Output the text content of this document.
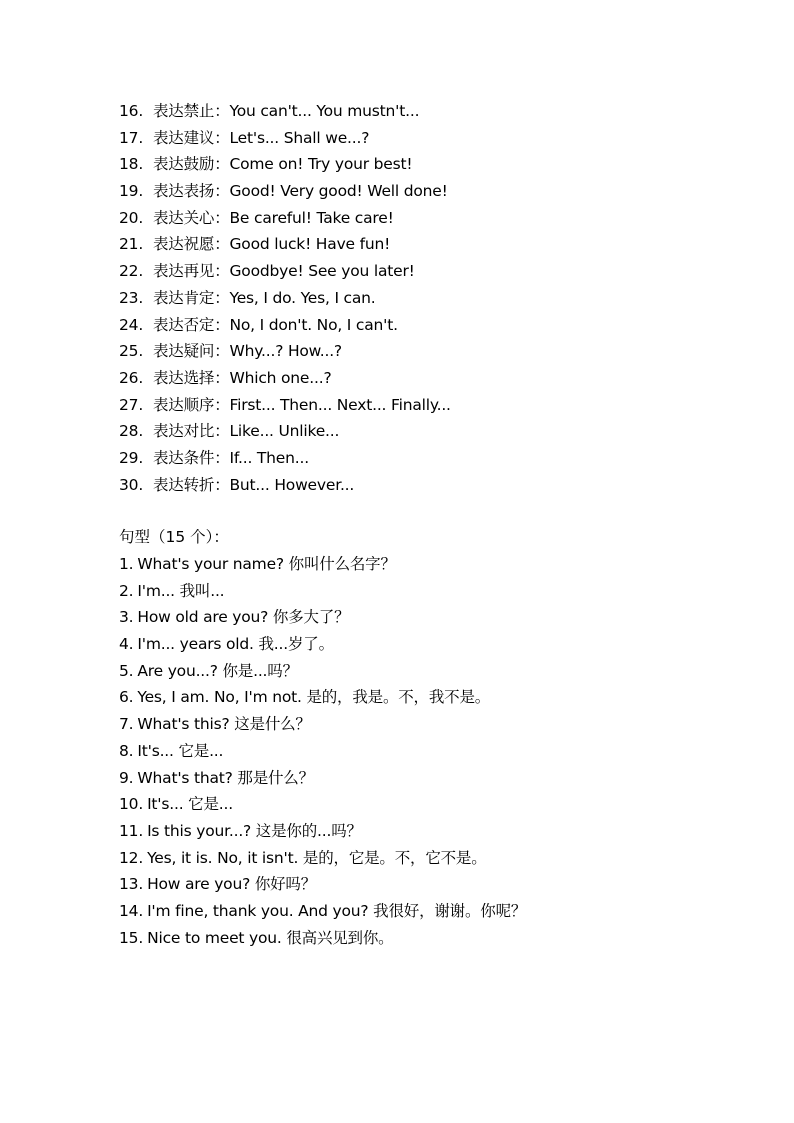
16. 表达禁止：You can't... You mustn't...
17. 表达建议：Let's... Shall we...?
18. 表达鼓励：Come on! Try your best!
19. 表达表扬：Good! Very good! Well done!
20. 表达关心：Be careful! Take care!
21. 表达祝愿：Good luck! Have fun!
22. 表达再见：Goodbye! See you later!
23. 表达肯定：Yes, I do. Yes, I can.
24. 表达否定：No, I don't. No, I can't.
25. 表达疑问：Why...? How...?
26. 表达选择：Which one...?
27. 表达顺序：First... Then... Next... Finally...
28. 表达对比：Like... Unlike...
29. 表达条件：If... Then...
30. 表达转折：But... However...
句型（15 个）：
1. What's your name? 你叫什么名字？
2. I'm... 我叫...
3. How old are you? 你多大了？
4. I'm... years old. 我...岁了。
5. Are you...? 你是...吗？
6. Yes, I am. No, I'm not. 是的，我是。不，我不是。
7. What's this? 这是什么？
8. It's... 它是...
9. What's that? 那是什么？
10. It's... 它是...
11. Is this your...? 这是你的...吗？
12. Yes, it is. No, it isn't. 是的，它是。不，它不是。
13. How are you? 你好吗？
14. I'm fine, thank you. And you? 我很好，谢谢。你呢？
15. Nice to meet you. 很高兴见到你。
